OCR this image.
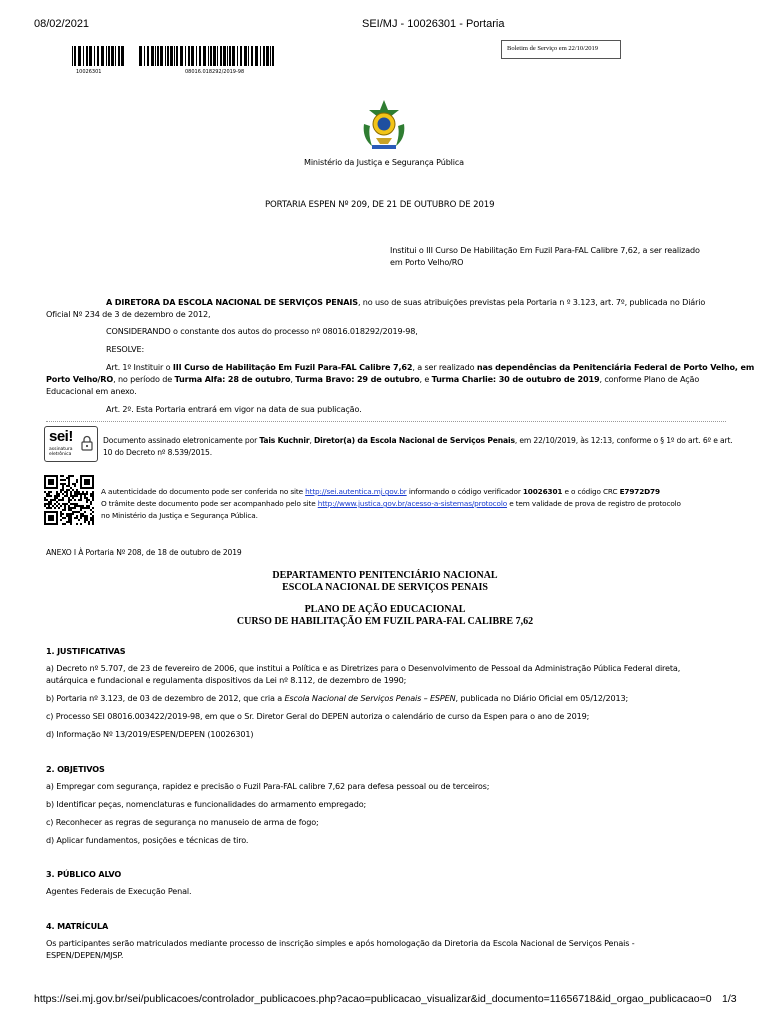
08/02/2021	SEI/MJ - 10026301 - Portaria
10026301	08016.018292/2019-98
Boletim de Serviço em 22/10/2019
Ministério da Justiça e Segurança Pública
PORTARIA ESPEN Nº 209, DE 21 DE OUTUBRO DE 2019
Institui o III Curso De Habilitação Em Fuzil Para-FAL Calibre 7,62, a ser realizado
em Porto Velho/RO
A DIRETORA DA ESCOLA NACIONAL DE SERVIÇOS PENAIS, no uso de suas atribuições previstas pela Portaria n º 3.123, art. 7º, publicada no Diário
Oficial Nº 234 de 3 de dezembro de 2012,
CONSIDERANDO o constante dos autos do processo nº 08016.018292/2019-98,
RESOLVE:
Art. 1º Instituir o III Curso de Habilitação Em Fuzil Para-FAL Calibre 7,62, a ser realizado nas dependências da Penitenciária Federal de Porto Velho, em
Porto Velho/RO, no período de Turma Alfa: 28 de outubro, Turma Bravo: 29 de outubro, e Turma Charlie: 30 de outubro de 2019, conforme Plano de Ação
Educacional em anexo.
Art. 2º. Esta Portaria entrará em vigor na data de sua publicação.
sei!
assinatura
eletrônica
Documento assinado eletronicamente por Tais Kuchnir, Diretor(a) da Escola Nacional de Serviços Penais, em 22/10/2019, às 12:13, conforme o § 1º do art. 6º e art.
10 do Decreto nº 8.539/2015.
A autenticidade do documento pode ser conferida no site http://sei.autentica.mj.gov.br informando o código verificador 10026301 e o código CRC E7972D79
O trâmite deste documento pode ser acompanhado pelo site http://www.justica.gov.br/acesso-a-sistemas/protocolo e tem validade de prova de registro de protocolo
no Ministério da Justiça e Segurança Pública.
ANEXO I À Portaria Nº 208, de 18 de outubro de 2019
DEPARTAMENTO PENITENCIÁRIO NACIONAL
ESCOLA NACIONAL DE SERVIÇOS PENAIS
PLANO DE AÇÃO EDUCACIONAL
CURSO DE HABILITAÇÃO EM FUZIL PARA-FAL CALIBRE 7,62
1. JUSTIFICATIVAS
a) Decreto nº 5.707, de 23 de fevereiro de 2006, que institui a Política e as Diretrizes para o Desenvolvimento de Pessoal da Administração Pública Federal direta,
autárquica e fundacional e regulamenta dispositivos da Lei nº 8.112, de dezembro de 1990;
b) Portaria nº 3.123, de 03 de dezembro de 2012, que cria a Escola Nacional de Serviços Penais – ESPEN, publicada no Diário Oficial em 05/12/2013;
c) Processo SEI 08016.003422/2019-98, em que o Sr. Diretor Geral do DEPEN autoriza o calendário de curso da Espen para o ano de 2019;
d) Informação Nº 13/2019/ESPEN/DEPEN (10026301)
2. OBJETIVOS
a) Empregar com segurança, rapidez e precisão o Fuzil Para-FAL calibre 7,62 para defesa pessoal ou de terceiros;
b) Identificar peças, nomenclaturas e funcionalidades do armamento empregado;
c) Reconhecer as regras de segurança no manuseio de arma de fogo;
d) Aplicar fundamentos, posições e técnicas de tiro.
3. PÚBLICO ALVO
Agentes Federais de Execução Penal.
4. MATRÍCULA
Os participantes serão matriculados mediante processo de inscrição simples e após homologação da Diretoria da Escola Nacional de Serviços Penais -
ESPEN/DEPEN/MJSP.
https://sei.mj.gov.br/sei/publicacoes/controlador_publicacoes.php?acao=publicacao_visualizar&id_documento=11656718&id_orgao_publicacao=0 1/3
